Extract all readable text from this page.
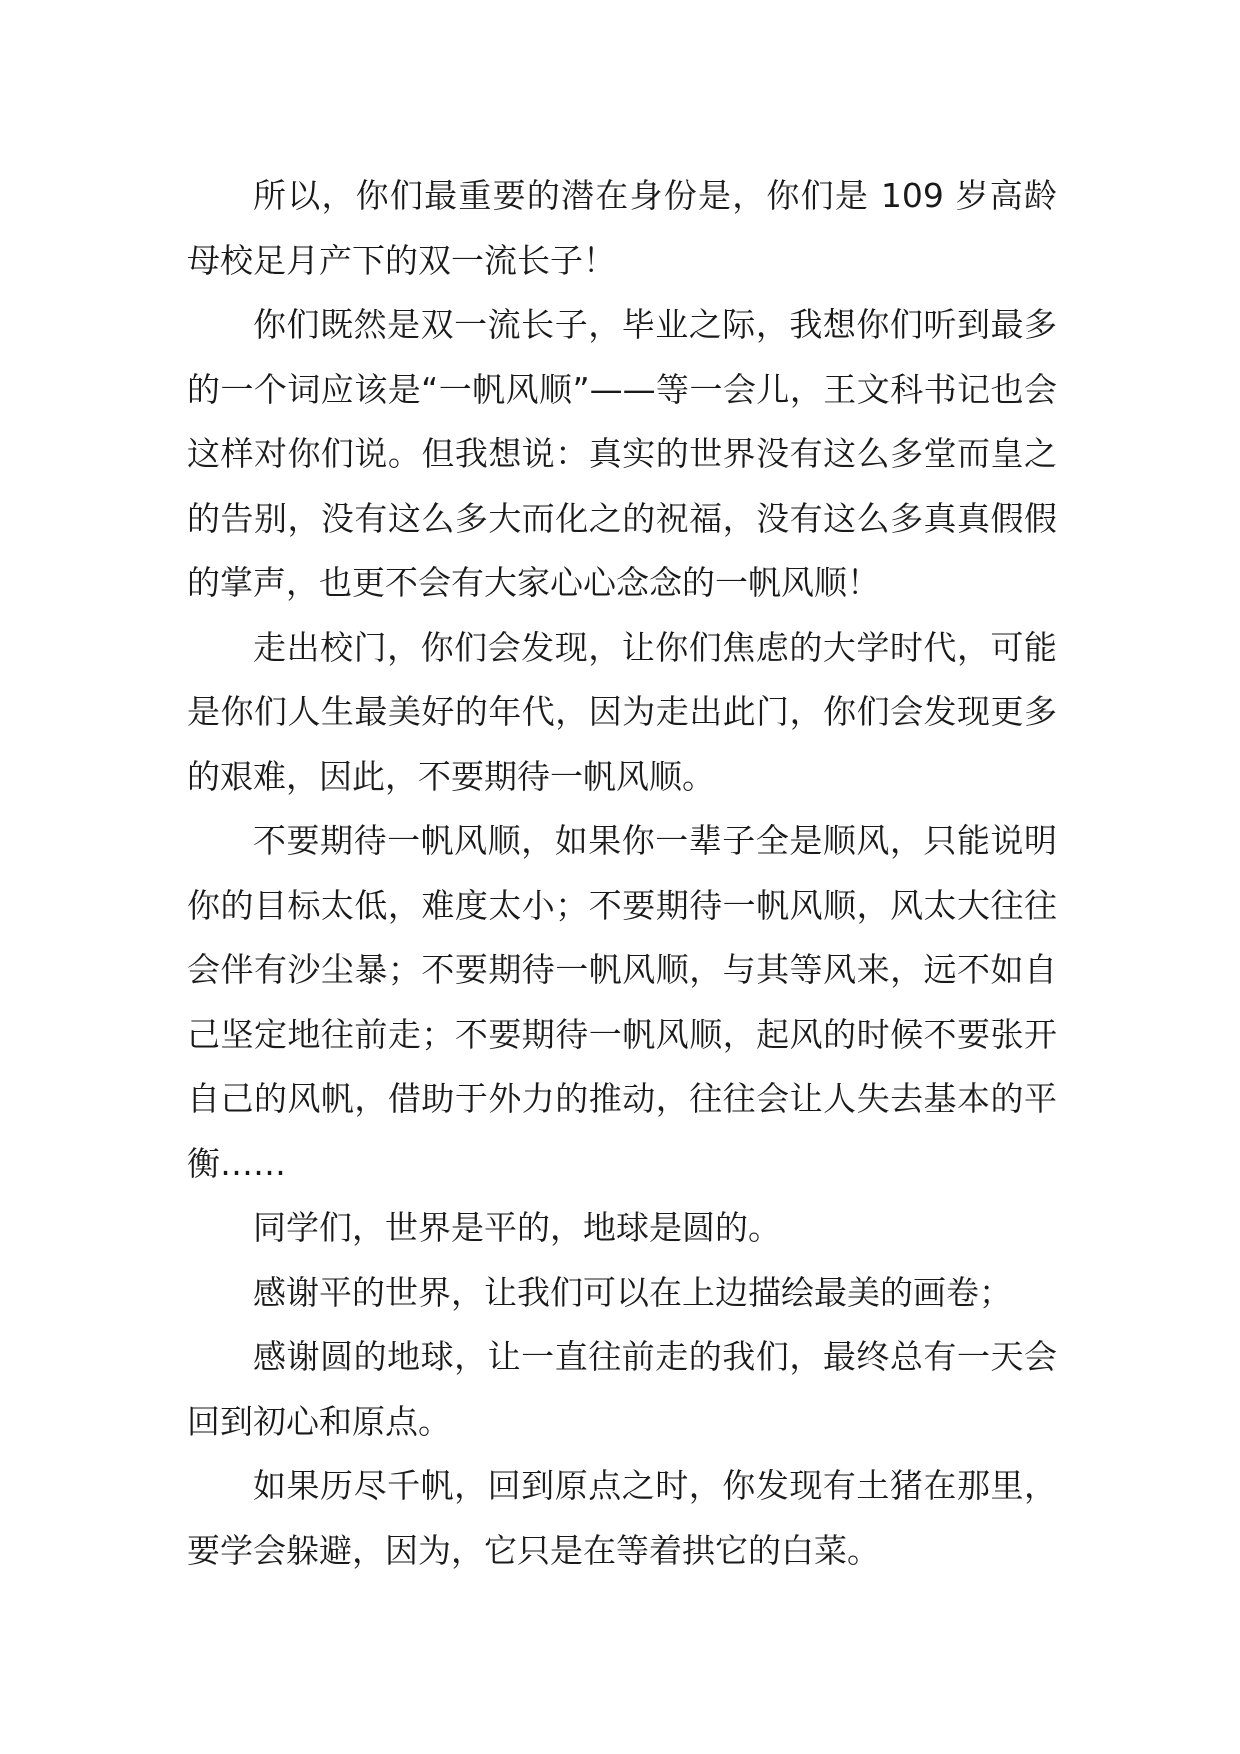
所以，你们最重要的潜在身份是，你们是 109 岁高龄母校足月产下的双一流长子！

你们既然是双一流长子，毕业之际，我想你们听到最多的一个词应该是“一帆风顺”——等一会儿，王文科书记也会这样对你们说。但我想说：真实的世界没有这么多堂而皇之的告别，没有这么多大而化之的祝福，没有这么多真真假假的掌声，也更不会有大家心心念念的一帆风顺！

走出校门，你们会发现，让你们焦虑的大学时代，可能是你们人生最美好的年代，因为走出此门，你们会发现更多的艰难，因此，不要期待一帆风顺。

不要期待一帆风顺，如果你一辈子全是顺风，只能说明你的目标太低，难度太小；不要期待一帆风顺，风太大往往会伴有沙尘暴；不要期待一帆风顺，与其等风来，远不如自己坚定地往前走；不要期待一帆风顺，起风的时候不要张开自己的风帆，借助于外力的推动，往往会让人失去基本的平衡……

同学们，世界是平的，地球是圆的。

感谢平的世界，让我们可以在上边描绘最美的画卷；

感谢圆的地球，让一直往前走的我们，最终总有一天会回到初心和原点。

如果历尽千帆，回到原点之时，你发现有土猪在那里，要学会躲避，因为，它只是在等着拱它的白菜。
